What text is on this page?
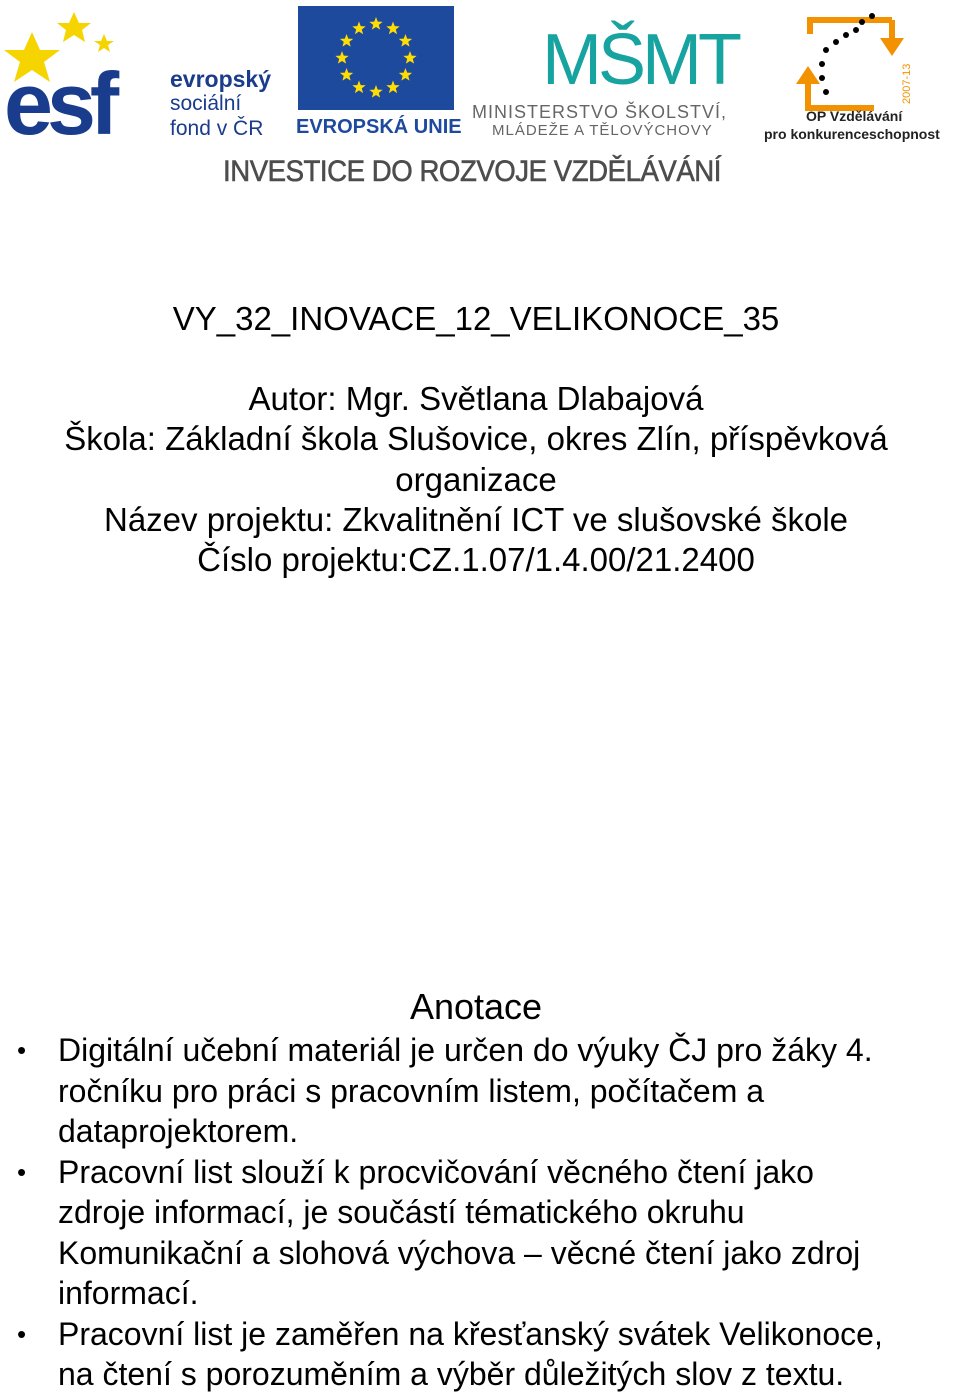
esf evropský
sociální
fond v ČR EVROPSKÁ UNIE
MŠMT
MINISTERSTVO ŠKOLSTVÍ,
MLÁDEŽE A TĚLOVÝCHOVY
2007-13
OP Vzdělávání
pro konkurenceschopnost
INVESTICE DO ROZVOJE VZDĚLÁVÁNÍ
VY_32_INOVACE_12_VELIKONOCE_35
Autor: Mgr. Světlana Dlabajová
Škola: Základní škola Slušovice, okres Zlín, příspěvková
organizace
Název projektu: Zkvalitnění ICT ve slušovské škole
Číslo projektu:CZ.1.07/1.4.00/21.2400
Anotace
• Digitální učební materiál je určen do výuky ČJ pro žáky 4.
ročníku pro práci s pracovním listem, počítačem a
dataprojektorem.
• Pracovní list slouží k procvičování věcného čtení jako
zdroje informací, je součástí tématického okruhu
Komunikační a slohová výchova – věcné čtení jako zdroj
informací.
• Pracovní list je zaměřen na křesťanský svátek Velikonoce,
na čtení s porozuměním a výběr důležitých slov z textu.
